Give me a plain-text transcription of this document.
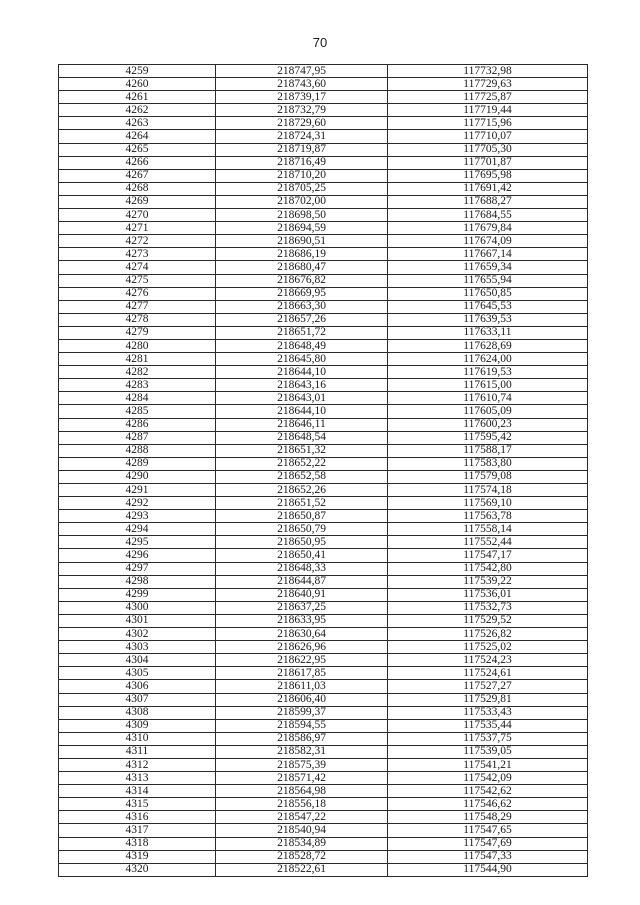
70
4259	218747,95	117732,98
4260	218743,60	117729,63
4261	218739,17	117725,87
4262	218732,79	117719,44
4263	218729,60	117715,96
4264	218724,31	117710,07
4265	218719,87	117705,30
4266	218716,49	117701,87
4267	218710,20	117695,98
4268	218705,25	117691,42
4269	218702,00	117688,27
4270	218698,50	117684,55
4271	218694,59	117679,84
4272	218690,51	117674,09
4273	218686,19	117667,14
4274	218680,47	117659,34
4275	218676,82	117655,94
4276	218669,95	117650,85
4277	218663,30	117645,53
4278	218657,26	117639,53
4279	218651,72	117633,11
4280	218648,49	117628,69
4281	218645,80	117624,00
4282	218644,10	117619,53
4283	218643,16	117615,00
4284	218643,01	117610,74
4285	218644,10	117605,09
4286	218646,11	117600,23
4287	218648,54	117595,42
4288	218651,32	117588,17
4289	218652,22	117583,80
4290	218652,58	117579,08
4291	218652,26	117574,18
4292	218651,52	117569,10
4293	218650,87	117563,78
4294	218650,79	117558,14
4295	218650,95	117552,44
4296	218650,41	117547,17
4297	218648,33	117542,80
4298	218644,87	117539,22
4299	218640,91	117536,01
4300	218637,25	117532,73
4301	218633,95	117529,52
4302	218630,64	117526,82
4303	218626,96	117525,02
4304	218622,95	117524,23
4305	218617,85	117524,61
4306	218611,03	117527,27
4307	218606,40	117529,81
4308	218599,37	117533,43
4309	218594,55	117535,44
4310	218586,97	117537,75
4311	218582,31	117539,05
4312	218575,39	117541,21
4313	218571,42	117542,09
4314	218564,98	117542,62
4315	218556,18	117546,62
4316	218547,22	117548,29
4317	218540,94	117547,65
4318	218534,89	117547,69
4319	218528,72	117547,33
4320	218522,61	117544,90
